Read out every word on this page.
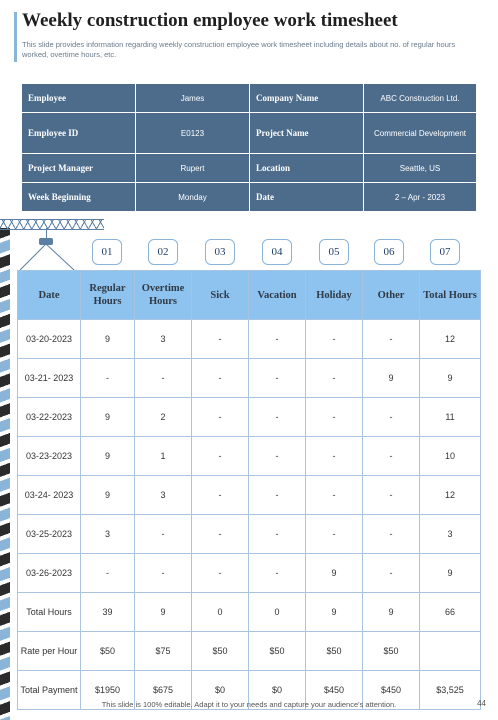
Weekly construction employee work timesheet
This slide provides information regarding weekly construction employee work timesheet including details about no. of regular hours worked, overtime hours, etc.
Employee	James	Company Name	ABC Construction Ltd.
Employee ID	E0123	Project Name	Commercial Development
Project Manager	Rupert	Location	Seattle, US
Week Beginning	Monday	Date	2 – Apr - 2023
01	02	03	04	05	06	07
Date	Regular Hours	Overtime Hours	Sick	Vacation	Holiday	Other	Total Hours
03-20-2023	9	3	-	-	-	-	12
03-21- 2023	-	-	-	-	-	9	9
03-22-2023	9	2	-	-	-	-	11
03-23-2023	9	1	-	-	-	-	10
03-24- 2023	9	3	-	-	-	-	12
03-25-2023	3	-	-	-	-	-	3
03-26-2023	-	-	-	-	9	-	9
Total Hours	39	9	0	0	9	9	66
Rate per Hour	$50	$75	$50	$50	$50	$50	
Total Payment	$1950	$675	$0	$0	$450	$450	$3,525
This slide is 100% editable. Adapt it to your needs and capture your audience's attention.	44
